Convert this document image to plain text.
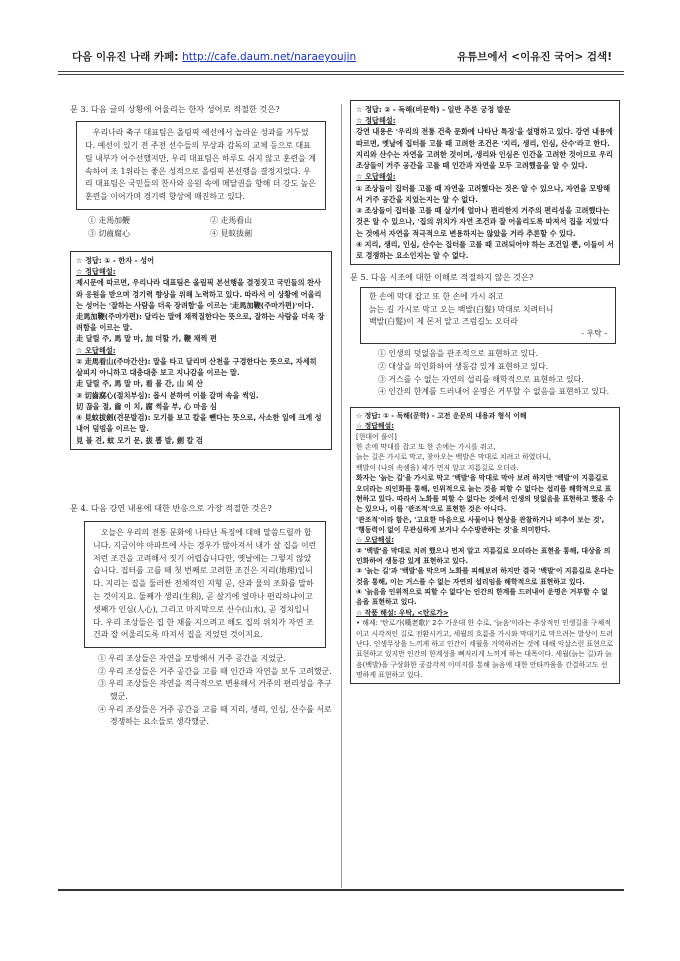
다음 이유진 나래 카페: http://cafe.daum.net/naraeyoujin	유튜브에서 <이유진 국어> 검색!

문 3. 다음 글의 상황에 어울리는 한자 성어로 적절한 것은?

우리나라 축구 대표팀은 올림픽 예선에서 놀라운 성과를 거두었다. 예선이 있기 전 주전 선수들의 부상과 감독의 교체 등으로 대표팀 내부가 어수선했지만, 우리 대표팀은 하루도 쉬지 않고 훈련을 계속하여 조 1위라는 좋은 성적으로 올림픽 본선행을 결정지었다. 우리 대표팀은 국민들의 찬사와 응원 속에 메달권을 향해 더 강도 높은 훈련을 이어가며 경기력 향상에 매진하고 있다.
① 走馬加鞭	② 走馬看山
③ 切齒腐心	④ 見蚊拔劍
☆ 정답: ① - 한자 - 성어
☆ 정답해설:
제시문에 따르면, 우리나라 대표팀은 올림픽 본선행을 결정짓고 국민들의 찬사와 응원을 받으며 경기력 향상을 위해 노력하고 있다. 따라서 이 상황에 어울리는 성어는 '잘하는 사람을 더욱 장려함'을 이르는 '走馬加鞭(주마가편)'이다.
走馬加鞭(주마가편): 달리는 말에 채찍질한다는 뜻으로, 잘하는 사람을 더욱 장려함을 이르는 말.
走 달릴 주, 馬 말 마, 加 더할 가, 鞭 채찍 편
☆ 오답해설:
② 走馬看山(주마간산): 말을 타고 달리며 산천을 구경한다는 뜻으로, 자세히 살피지 아니하고 대충대충 보고 지나감을 이르는 말.
走 달릴 주, 馬 말 마, 看 볼 간, 山 뫼 산
③ 切齒腐心(절치부심): 몹시 분하여 이를 갈며 속을 썩임.
切 끊을 절, 齒 이 치, 腐 썩을 부, 心 마음 심
④ 見蚊拔劍(견문발검): 모기를 보고 칼을 뺀다는 뜻으로, 사소한 일에 크게 성내어 덤빔을 이르는 말.
見 볼 견, 蚊 모기 문, 拔 뽑 발, 劍 칼 검

문 4. 다음 강연 내용에 대한 반응으로 가장 적절한 것은?

오늘은 우리의 전통 문화에 나타난 특징에 대해 말씀드릴까 합니다. 지금이야 아파트에 사는 경우가 많아져서 내가 살 집을 이런저런 조건을 고려해서 짓기 어렵습니다만, 옛날에는 그렇지 않았습니다. 집터를 고를 때 첫 번째로 고려한 조건은 지리(地理)입니다. 지리는 집을 둘러싼 전체적인 지형 곧, 산과 물의 조화를 말하는 것이지요. 둘째가 생리(生利), 곧 살기에 얼마나 편리하냐이고 셋째가 인심(人心), 그리고 마지막으로 산수(山水), 곧 경치입니다. 우리 조상들은 집 한 채를 지으려고 해도 집의 위치가 자연 조건과 잘 어울리도록 따져서 집을 지었던 것이지요.
① 우리 조상들은 자연을 모방해서 거주 공간을 지었군.
② 우리 조상들은 거주 공간을 고를 때 인간과 자연을 모두 고려했군.
③ 우리 조상들은 자연을 적극적으로 변용해서 거주의 편리성을 추구했군.
④ 우리 조상들은 거주 공간을 고를 때 지리, 생리, 인심, 산수를 서로 경쟁하는 요소들로 생각했군.
☆ 정답: ② - 독해(비문학) - 일반 추론 궁정 발문
☆ 정답해설:
강연 내용은 '우리의 전통 건축 문화에 나타난 특징'을 설명하고 있다. 강연 내용에 따르면, 옛날에 집터를 고를 때 고려한 조건은 '지리, 생리, 인심, 산수'라고 한다. 지리와 산수는 자연을 고려한 것이며, 생리와 인심은 인간을 고려한 것이므로 우리 조상들이 거주 공간을 고를 때 인간과 자연을 모두 고려했음을 알 수 있다.
☆ 오답해설:
① 조상들이 집터를 고를 때 자연을 고려했다는 것은 알 수 있으나, 자연을 모방해서 거주 공간을 지었는지는 알 수 없다.
③ 조상들이 집터를 고를 때 살기에 얼마나 편리한지 거주의 편리성을 고려했다는 것은 알 수 있으나, '집의 위치가 자연 조건과 잘 어울리도록 따져서 집을 지었'다는 것에서 자연을 적극적으로 변용하지는 않았을 거라 추론할 수 있다.
④ 지리, 생리, 인심, 산수는 집터를 고를 때 고려되어야 하는 조건일 뿐, 이들이 서로 경쟁하는 요소인지는 알 수 없다.

문 5. 다음 시조에 대한 이해로 적절하지 않은 것은?

한 손에 막대 잡고 또 한 손에 가시 쥐고
늙는 길 가시로 막고 오는 백발(白髮) 막대로 치려터니
백발(白髮)이 제 몬저 알고 즈럼길노 오더라
- 우탁 -
① 인생의 덧없음을 관조적으로 표현하고 있다.
② 대상을 의인화하여 생동감 있게 표현하고 있다.
③ 거스를 수 없는 자연의 섭리를 해학적으로 표현하고 있다.
④ 인간의 한계를 드러내어 운명은 거부할 수 없음을 표현하고 있다.
☆ 정답: ① - 독해(문학) - 고전 운문의 내용과 형식 이해
☆ 정답해설:
[현대어 풀이]
한 손에 막대를 잡고 또 한 손에는 가시를 쥐고,
늙는 길은 가시로 막고, 찾아오는 백발은 막대로 치려고 하였더니,
백발이 (나의 속셈을) 제가 먼저 알고 지름길로 오더라.
화자는 '늙는 길'을 가시로 막고 '백발'을 막대로 막아 보려 하지만 '백발'이 지름길로 오더라는 의인화를 통해, 인위적으로 늙는 것을 피할 수 없다는 섭리를 해학적으로 표현하고 있다. 따라서 노화를 피할 수 없다는 것에서 인생의 덧없음을 표현하고 했을 수는 있으나, 이를 '관조적'으로 표현한 것은 아니다.
'관조적'이라 함은, '고요한 마음으로 사물이나 현상을 관찰하거나 비추어 보는 것', '행동력이 없이 무관심하게 보거나 수수방관하는 것'을 의미한다.
☆ 오답해설:
② '백발'을 막대로 치려 했으나 먼저 알고 지름길로 오더라는 표현을 통해, 대상을 의인화하여 생동감 있게 표현하고 있다.
③ '늙는 길'과 '백발'을 막으며 노화를 피해보려 하지만 결국 '백발'이 지름길로 온다는 것을 통해, 이는 거스를 수 없는 자연의 섭리임을 해학적으로 표현하고 있다.
④ '늙음을 인위적으로 피할 수 없다'는 인간의 한계를 드러내어 운명은 거부할 수 없음을 표현하고 있다.
☆ 작품 해설: 우탁, <탄로가>
• 해제: '탄로가(嘆老歌)' 2수 가운데 한 수로, '늙음'이라는 추상적인 인생길을 구체적이고 시각적인 길로 전환시키고, 세월의 흐름을 가시와 막대기로 막으려는 발상이 드러난다. 인생무상을 느끼게 하고 인간이 세월을 거역하려는 것에 대해 익살스런 표현으로 표현하고 있지만 인간의 한계성을 뼈저리게 느끼게 하는 대목이다. 세월(늙는 길)과 늙음(백발)을 구상화한 공감각적 이미지를 통해 늙음에 대한 안타까움을 간결하고도 선명하게 표현하고 있다.
